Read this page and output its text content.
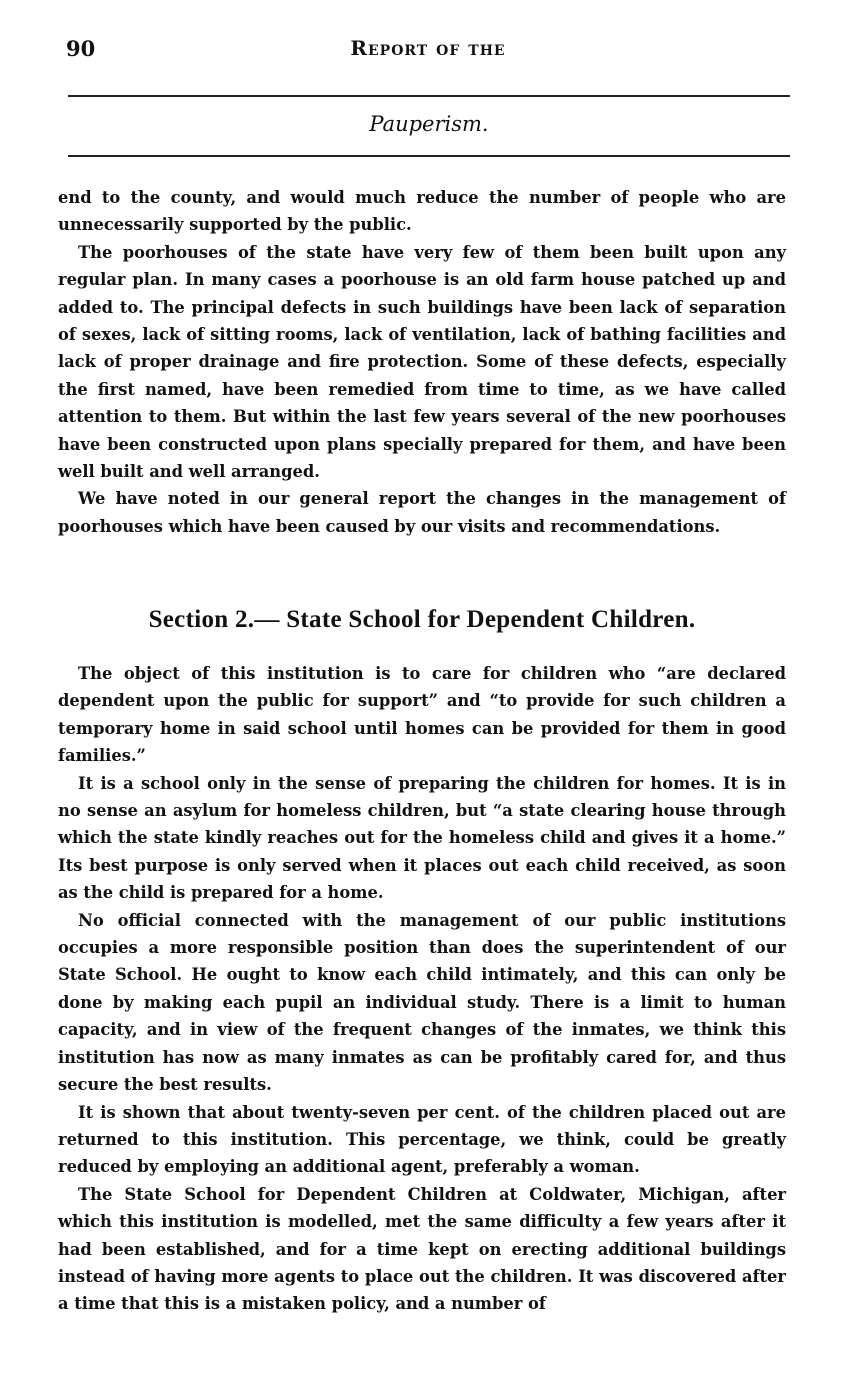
90	Report of the
Pauperism.

end to the county, and would much reduce the number of people who are unnecessarily supported by the public.

The poorhouses of the state have very few of them been built upon any regular plan. In many cases a poorhouse is an old farm house patched up and added to. The principal defects in such buildings have been lack of separation of sexes, lack of sitting rooms, lack of ventilation, lack of bathing facilities and lack of proper drainage and fire protection. Some of these defects, especially the first named, have been remedied from time to time, as we have called attention to them. But within the last few years several of the new poorhouses have been constructed upon plans specially prepared for them, and have been well built and well arranged.

We have noted in our general report the changes in the management of poorhouses which have been caused by our visits and recommendations.

Section 2.— State School for Dependent Children.

The object of this institution is to care for children who “are declared dependent upon the public for support” and “to provide for such children a temporary home in said school until homes can be provided for them in good families.”

It is a school only in the sense of preparing the children for homes. It is in no sense an asylum for homeless children, but “a state clearing house through which the state kindly reaches out for the homeless child and gives it a home.” Its best purpose is only served when it places out each child received, as soon as the child is prepared for a home.

No official connected with the management of our public institutions occupies a more responsible position than does the superintendent of our State School. He ought to know each child intimately, and this can only be done by making each pupil an individual study. There is a limit to human capacity, and in view of the frequent changes of the inmates, we think this institution has now as many inmates as can be profitably cared for, and thus secure the best results.

It is shown that about twenty-seven per cent. of the children placed out are returned to this institution. This percentage, we think, could be greatly reduced by employing an additional agent, preferably a woman.

The State School for Dependent Children at Coldwater, Michigan, after which this institution is modelled, met the same difficulty a few years after it had been established, and for a time kept on erecting additional buildings instead of having more agents to place out the children. It was discovered after a time that this is a mistaken policy, and a number of
